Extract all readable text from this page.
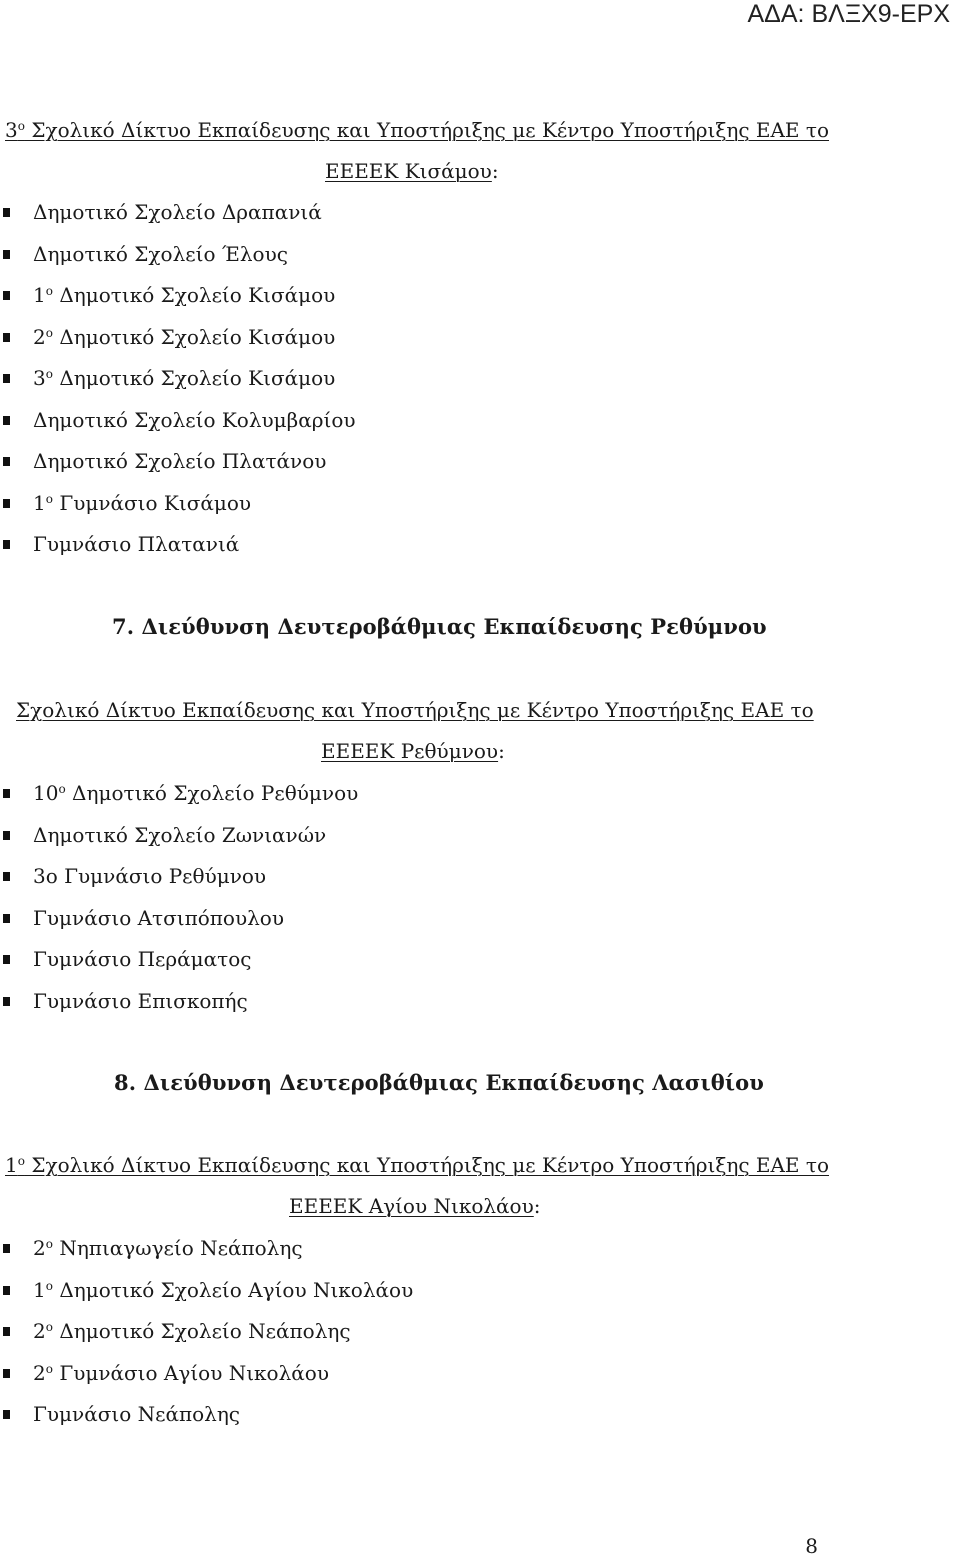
ΑΔΑ: ΒΛΞΧ9-ΕΡΧ
$3^o$ Σχολικό Δίκτυο Εκπαίδευσης και Υποστήριξης με Κέντρο Υποστήριξης ΕΑΕ το
ΕΕΕΕΚ Κισάμου:
Δημοτικό Σχολείο Δραπανιά
Δημοτικό Σχολείο Έλους
$1^o$ Δημοτικό Σχολείο Κισάμου
$2^o$ Δημοτικό Σχολείο Κισάμου
$3^o$ Δημοτικό Σχολείο Κισάμου
Δημοτικό Σχολείο Κολυμβαρίου
Δημοτικό Σχολείο Πλατάνου
$1^o$ Γυμνάσιο Κισάμου
Γυμνάσιο Πλατανιά
7. Διεύθυνση Δευτεροβάθμιας Εκπαίδευσης Ρεθύμνου
Σχολικό Δίκτυο Εκπαίδευσης και Υποστήριξης με Κέντρο Υποστήριξης ΕΑΕ το
ΕΕΕΕΚ Ρεθύμνου:
$10^o$ Δημοτικό Σχολείο Ρεθύμνου
Δημοτικό Σχολείο Ζωνιανών
3ο Γυμνάσιο Ρεθύμνου
Γυμνάσιο Ατσιπόπουλου
Γυμνάσιο Περάματος
Γυμνάσιο Επισκοπής
8. Διεύθυνση Δευτεροβάθμιας Εκπαίδευσης Λασιθίου
$1^o$ Σχολικό Δίκτυο Εκπαίδευσης και Υποστήριξης με Κέντρο Υποστήριξης ΕΑΕ το
ΕΕΕΕΚ Αγίου Νικολάου:
$2^o$ Νηπιαγωγείο Νεάπολης
$1^o$ Δημοτικό Σχολείο Αγίου Νικολάου
$2^o$ Δημοτικό Σχολείο Νεάπολης
$2^o$ Γυμνάσιο Αγίου Νικολάου
Γυμνάσιο Νεάπολης
8
